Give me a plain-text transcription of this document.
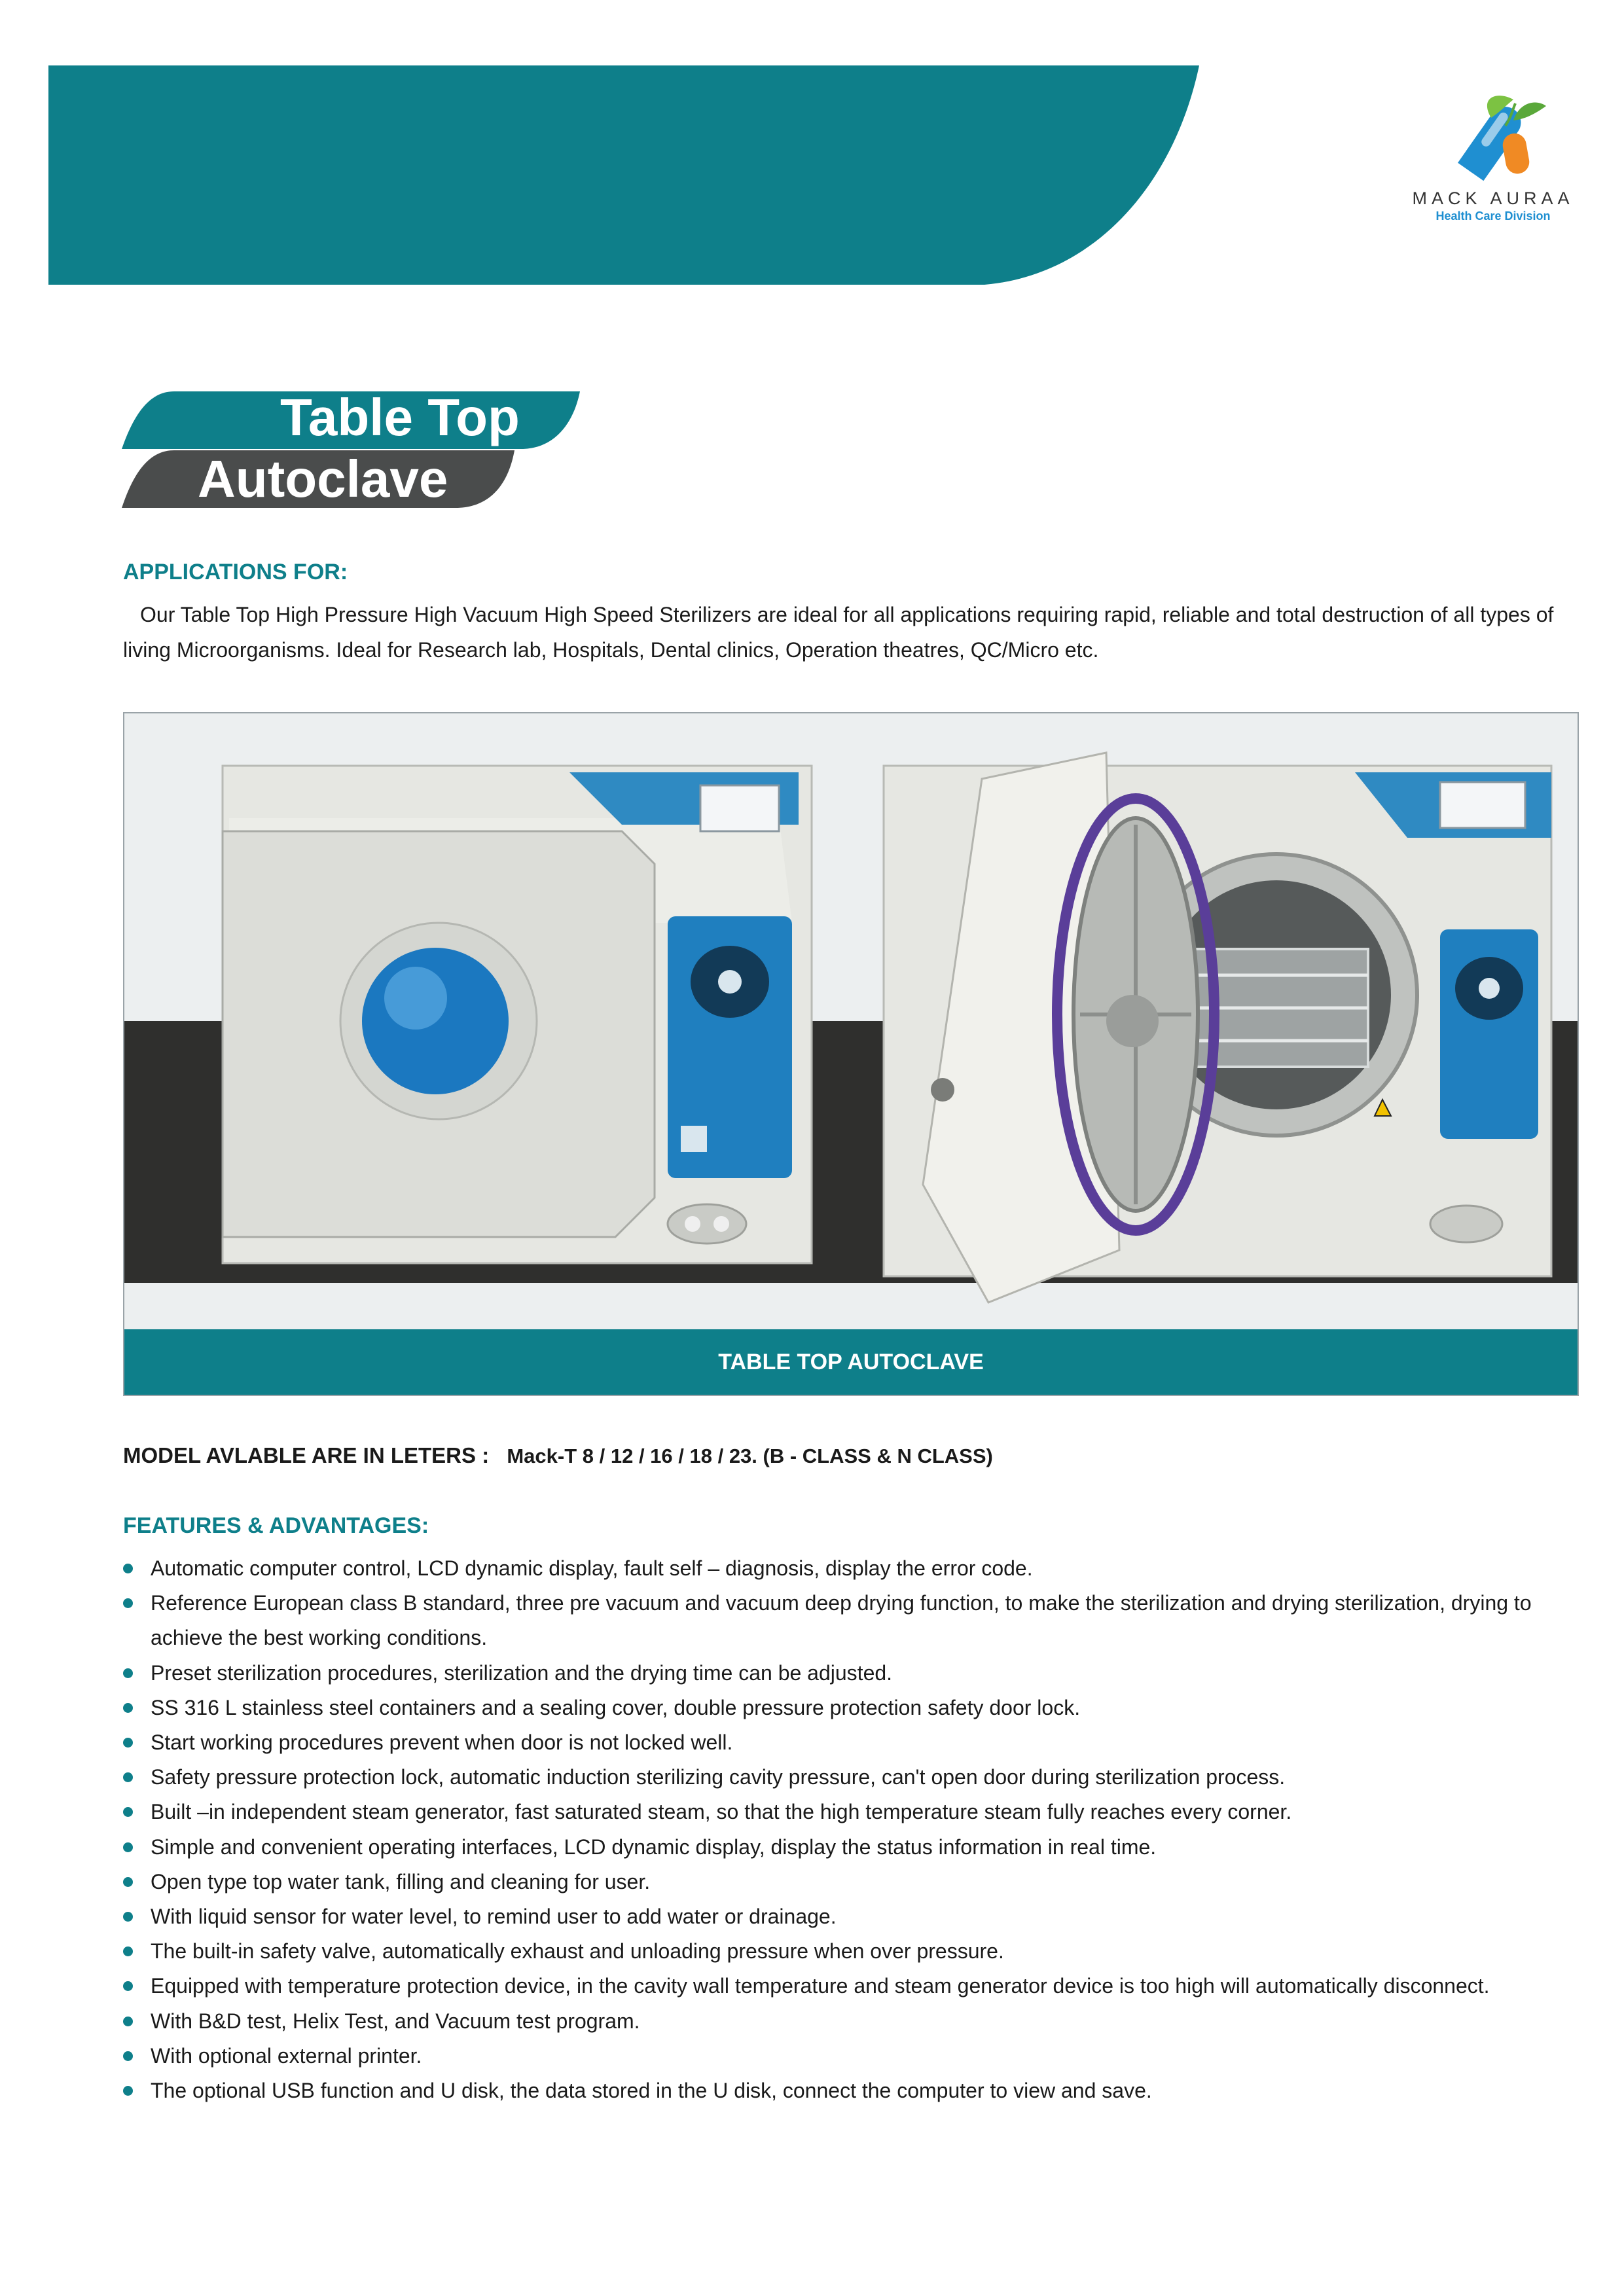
MACK AURAA
Health Care Division
Table Top
Autoclave
APPLICATIONS FOR:
Our Table Top High Pressure High Vacuum High Speed Sterilizers are ideal for all applications requiring rapid, reliable and total destruction of all types of living Microorganisms. Ideal for Research lab, Hospitals, Dental clinics, Operation theatres, QC/Micro etc.
TABLE TOP AUTOCLAVE
MODEL AVLABLE ARE IN LETERS : Mack-T 8 / 12 / 16 / 18 / 23. (B - CLASS & N CLASS)
FEATURES & ADVANTAGES:
Automatic computer control, LCD dynamic display, fault self – diagnosis, display the error code.
Reference European class B standard, three pre vacuum and vacuum deep drying function, to make the sterilization and drying sterilization, drying to achieve the best working conditions.
Preset sterilization procedures, sterilization and the drying time can be adjusted.
SS 316 L stainless steel containers and a sealing cover, double pressure protection safety door lock.
Start working procedures prevent when door is not locked well.
Safety pressure protection lock, automatic induction sterilizing cavity pressure, can't open door during sterilization process.
Built –in independent steam generator, fast saturated steam, so that the high temperature steam fully reaches every corner.
Simple and convenient operating interfaces, LCD dynamic display, display the status information in real time.
Open type top water tank, filling and cleaning for user.
With liquid sensor for water level, to remind user to add water or drainage.
The built-in safety valve, automatically exhaust and unloading pressure when over pressure.
Equipped with temperature protection device, in the cavity wall temperature and steam generator device is too high will automatically disconnect.
With B&D test, Helix Test, and Vacuum test program.
With optional external printer.
The optional USB function and U disk, the data stored in the U disk, connect the computer to view and save.
